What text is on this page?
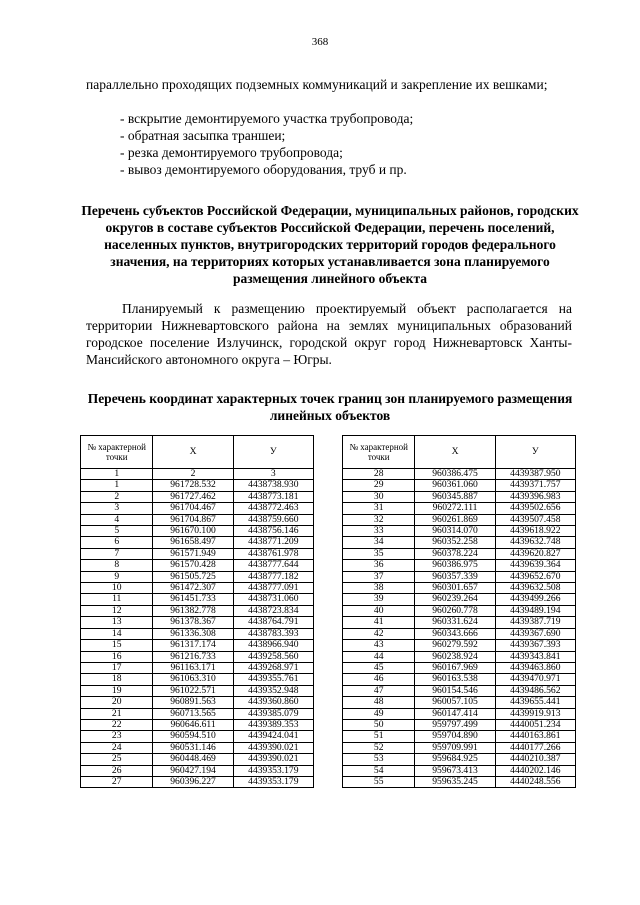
368
параллельно проходящих подземных коммуникаций и закрепление их вешками;
- вскрытие демонтируемого участка трубопровода;
- обратная засыпка траншеи;
- резка демонтируемого трубопровода;
- вывоз демонтируемого оборудования, труб и пр.
Перечень субъектов Российской Федерации, муниципальных районов, городских округов в составе субъектов Российской Федерации, перечень поселений, населенных пунктов, внутригородских территорий городов федерального значения, на территориях которых устанавливается зона планируемого размещения линейного объекта
Планируемый к размещению проектируемый объект располагается на территории Нижневартовского района на землях муниципальных образований городское поселение Излучинск, городской округ город Нижневартовск Ханты-Мансийского автономного округа – Югры.
Перечень координат характерных точек границ зон планируемого размещения линейных объектов
№ характерной точки	X	У
1	2	3
1	961728.532	4438738.930
2	961727.462	4438773.181
3	961704.467	4438772.463
4	961704.867	4438759.660
5	961670.100	4438756.146
6	961658.497	4438771.209
7	961571.949	4438761.978
8	961570.428	4438777.644
9	961505.725	4438777.182
10	961472.307	4438777.091
11	961451.733	4438731.060
12	961382.778	4438723.834
13	961378.367	4438764.791
14	961336.308	4438783.393
15	961317.174	4438966.940
16	961216.733	4439258.560
17	961163.171	4439268.971
18	961063.310	4439355.761
19	961022.571	4439352.948
20	960891.563	4439360.860
21	960713.565	4439385.079
22	960646.611	4439389.353
23	960594.510	4439424.041
24	960531.146	4439390.021
25	960448.469	4439390.021
26	960427.194	4439353.179
27	960396.227	4439353.179
№ характерной точки	X	У
28	960386.475	4439387.950
29	960361.060	4439371.757
30	960345.887	4439396.983
31	960272.111	4439502.656
32	960261.869	4439507.458
33	960314.070	4439618.922
34	960352.258	4439632.748
35	960378.224	4439620.827
36	960386.975	4439639.364
37	960357.339	4439652.670
38	960301.657	4439632.508
39	960239.264	4439499.266
40	960260.778	4439489.194
41	960331.624	4439387.719
42	960343.666	4439367.690
43	960279.592	4439367.393
44	960238.924	4439343.841
45	960167.969	4439463.860
46	960163.538	4439470.971
47	960154.546	4439486.562
48	960057.105	4439655.441
49	960147.414	4439919.913
50	959797.499	4440051.234
51	959704.890	4440163.861
52	959709.991	4440177.266
53	959684.925	4440210.387
54	959673.413	4440202.146
55	959635.245	4440248.556
